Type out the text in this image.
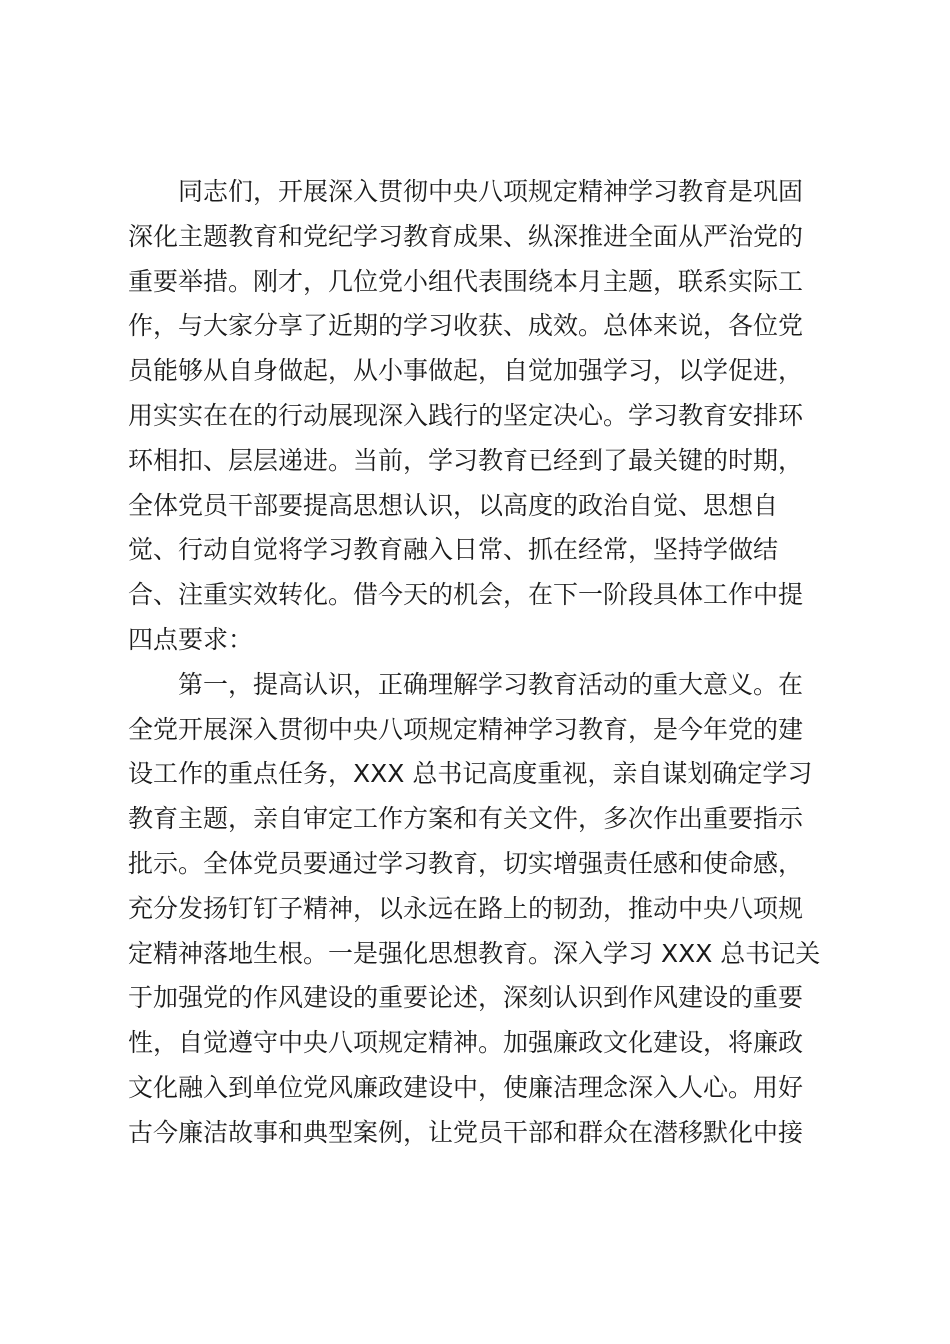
同志们，开展深入贯彻中央八项规定精神学习教育是巩固
深化主题教育和党纪学习教育成果、纵深推进全面从严治党的
重要举措。刚才，几位党小组代表围绕本月主题，联系实际工
作，与大家分享了近期的学习收获、成效。总体来说，各位党
员能够从自身做起，从小事做起，自觉加强学习，以学促进，
用实实在在的行动展现深入践行的坚定决心。学习教育安排环
环相扣、层层递进。当前，学习教育已经到了最关键的时期，
全体党员干部要提高思想认识，以高度的政治自觉、思想自
觉、行动自觉将学习教育融入日常、抓在经常，坚持学做结
合、注重实效转化。借今天的机会，在下一阶段具体工作中提
四点要求：
第一，提高认识，正确理解学习教育活动的重大意义。在
全党开展深入贯彻中央八项规定精神学习教育，是今年党的建
设工作的重点任务，XXX 总书记高度重视，亲自谋划确定学习
教育主题，亲自审定工作方案和有关文件，多次作出重要指示
批示。全体党员要通过学习教育，切实增强责任感和使命感，
充分发扬钉钉子精神，以永远在路上的韧劲，推动中央八项规
定精神落地生根。一是强化思想教育。深入学习 XXX 总书记关
于加强党的作风建设的重要论述，深刻认识到作风建设的重要
性，自觉遵守中央八项规定精神。加强廉政文化建设，将廉政
文化融入到单位党风廉政建设中，使廉洁理念深入人心。用好
古今廉洁故事和典型案例，让党员干部和群众在潜移默化中接
